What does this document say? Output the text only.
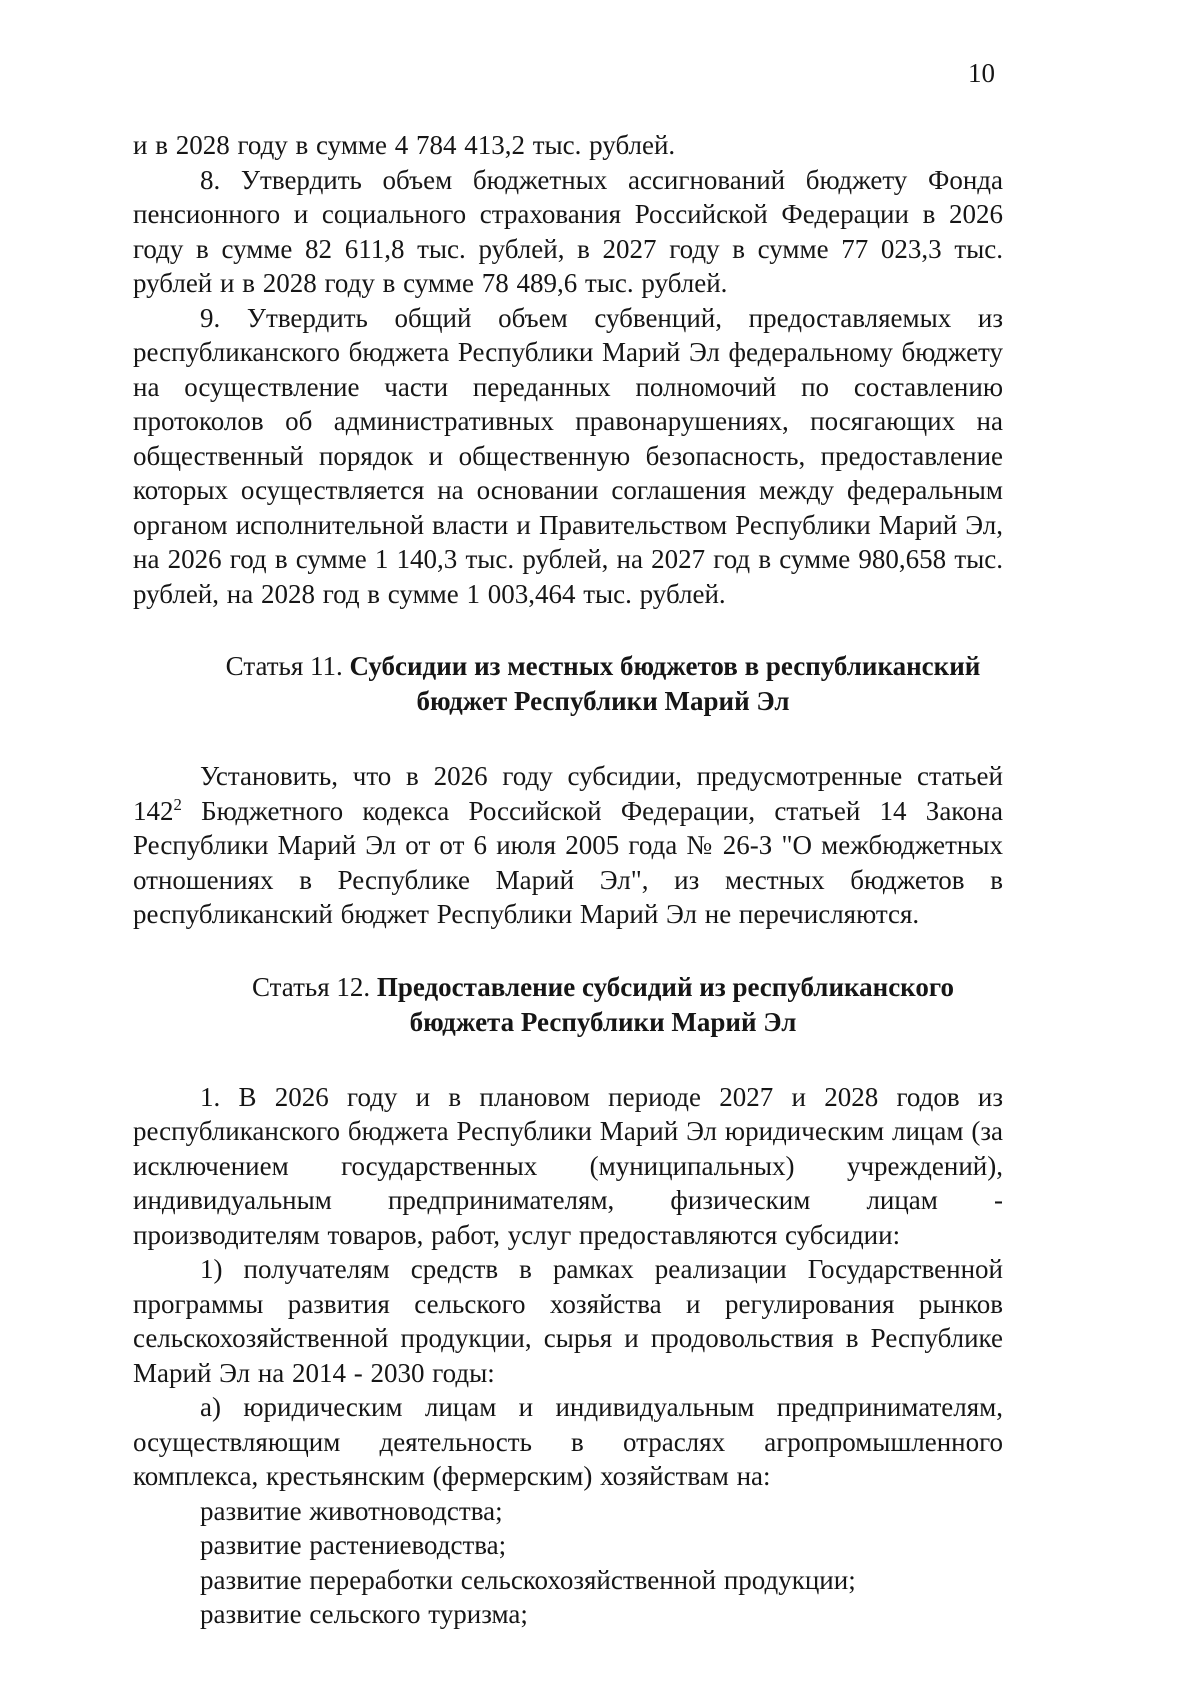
10

и в 2028 году в сумме 4 784 413,2 тыс. рублей.

8. Утвердить объем бюджетных ассигнований бюджету Фонда пенсионного и социального страхования Российской Федерации в 2026 году в сумме 82 611,8 тыс. рублей, в 2027 году в сумме 77 023,3 тыс. рублей и в 2028 году в сумме 78 489,6 тыс. рублей.

9. Утвердить общий объем субвенций, предоставляемых из республиканского бюджета Республики Марий Эл федеральному бюджету на осуществление части переданных полномочий по составлению протоколов об административных правонарушениях, посягающих на общественный порядок и общественную безопасность, предоставление которых осуществляется на основании соглашения между федеральным органом исполнительной власти и Правительством Республики Марий Эл, на 2026 год в сумме 1 140,3 тыс. рублей, на 2027 год в сумме 980,658 тыс. рублей, на 2028 год в сумме 1 003,464 тыс. рублей.

Статья 11. Субсидии из местных бюджетов в республиканский бюджет Республики Марий Эл

Установить, что в 2026 году субсидии, предусмотренные статьей $142^2$ Бюджетного кодекса Российской Федерации, статьей 14 Закона Республики Марий Эл от от 6 июля 2005 года № 26-З "О межбюджетных отношениях в Республике Марий Эл", из местных бюджетов в республиканский бюджет Республики Марий Эл не перечисляются.

Статья 12. Предоставление субсидий из республиканского бюджета Республики Марий Эл

1. В 2026 году и в плановом периоде 2027 и 2028 годов из республиканского бюджета Республики Марий Эл юридическим лицам (за исключением государственных (муниципальных) учреждений), индивидуальным предпринимателям, физическим лицам - производителям товаров, работ, услуг предоставляются субсидии:

1) получателям средств в рамках реализации Государственной программы развития сельского хозяйства и регулирования рынков сельскохозяйственной продукции, сырья и продовольствия в Республике Марий Эл на 2014 - 2030 годы:

а) юридическим лицам и индивидуальным предпринимателям, осуществляющим деятельность в отраслях агропромышленного комплекса, крестьянским (фермерским) хозяйствам на:

развитие животноводства;

развитие растениеводства;

развитие переработки сельскохозяйственной продукции;

развитие сельского туризма;
